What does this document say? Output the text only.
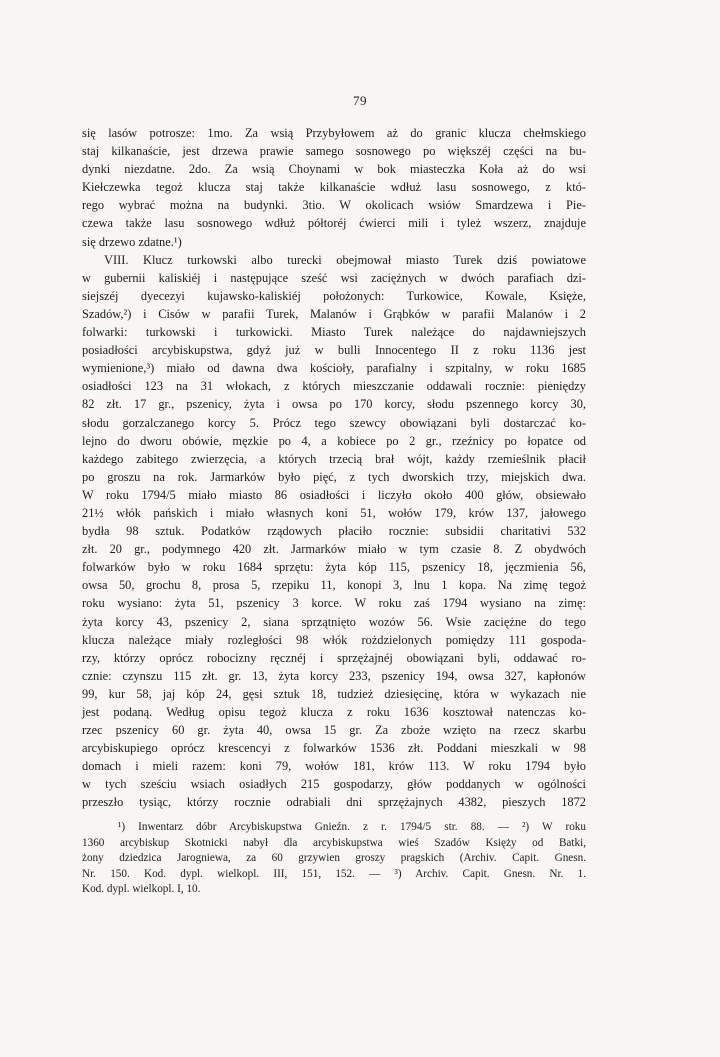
79
się lasów potrosze: 1mo. Za wsią Przybyłowem aż do granic klucza chełmskiego
staj kilkanaście, jest drzewa prawie samego sosnowego po większéj części na bu-
dynki niezdatne. 2do. Za wsią Choynami w bok miasteczka Koła aż do wsi
Kiełczewka tegoż klucza staj także kilkanaście wdłuż lasu sosnowego, z któ-
rego wybrać można na budynki. 3tio. W okolicach wsiów Smardzewa i Pie-
czewa także lasu sosnowego wdłuż półtoréj ćwierci mili i tyleż wszerz, znajduje
się drzewo zdatne.¹)
VIII. Klucz turkowski albo turecki obejmował miasto Turek dziś powiatowe
w gubernii kaliskiéj i następujące sześć wsi zaciężnych w dwóch parafiach dzi-
siejszéj dyecezyi kujawsko-kaliskiéj położonych: Turkowice, Kowale, Księże,
Szadów,²) i Cisów w parafii Turek, Malanów i Grąbków w parafii Malanów i 2
folwarki: turkowski i turkowicki. Miasto Turek należące do najdawniejszych
posiadłości arcybiskupstwa, gdyż już w bulli Innocentego II z roku 1136 jest
wymienione,³) miało od dawna dwa kościoły, parafialny i szpitalny, w roku 1685
osiadłości 123 na 31 włokach, z których mieszczanie oddawali rocznie: pieniędzy
82 złt. 17 gr., pszenicy, żyta i owsa po 170 korcy, słodu pszennego korcy 30,
słodu gorzalczanego korcy 5. Prócz tego szewcy obowiązani byli dostarczać ko-
lejno do dworu obówie, męzkie po 4, a kobiece po 2 gr., rzeźnicy po łopatce od
każdego zabitego zwierzęcia, a których trzecią brał wójt, każdy rzemieślnik płacił
po groszu na rok. Jarmarków było pięć, z tych dworskich trzy, miejskich dwa.
W roku 1794/5 miało miasto 86 osiadłości i liczyło około 400 głów, obsiewało
21½ włók pańskich i miało własnych koni 51, wołów 179, krów 137, jałowego
bydła 98 sztuk. Podatków rządowych płaciło rocznie: subsidii charitativi 532
złt. 20 gr., podymnego 420 złt. Jarmarków miało w tym czasie 8. Z obydwóch
folwarków było w roku 1684 sprzętu: żyta kóp 115, pszenicy 18, jęczmienia 56,
owsa 50, grochu 8, prosa 5, rzepiku 11, konopi 3, lnu 1 kopa. Na zimę tegoż
roku wysiano: żyta 51, pszenicy 3 korce. W roku zaś 1794 wysiano na zimę:
żyta korcy 43, pszenicy 2, siana sprzątnięto wozów 56. Wsie zaciężne do tego
klucza należące miały rozległości 98 włók rożdzielonych pomiędzy 111 gospoda-
rzy, którzy oprócz robocizny ręcznéj i sprzężajnéj obowiązani byli, oddawać ro-
cznie: czynszu 115 złt. gr. 13, żyta korcy 233, pszenicy 194, owsa 327, kapłonów
99, kur 58, jaj kóp 24, gęsi sztuk 18, tudzież dziesięcinę, która w wykazach nie
jest podaną. Według opisu tegoż klucza z roku 1636 kosztował natenczas ko-
rzec pszenicy 60 gr. żyta 40, owsa 15 gr. Za zboże wzięto na rzecz skarbu
arcybiskupiego oprócz krescencyi z folwarków 1536 złt. Poddani mieszkali w 98
domach i mieli razem: koni 79, wołów 181, krów 113. W roku 1794 było
w tych sześciu wsiach osiadłych 215 gospodarzy, głów poddanych w ogólności
przeszło tysiąc, którzy rocznie odrabiali dni sprzężajnych 4382, pieszych 1872
¹) Inwentarz dóbr Arcybiskupstwa Gnieźn. z r. 1794/5 str. 88. — ²) W roku
1360 arcybiskup Skotnicki nabył dla arcybiskupstwa wieś Szadów Księży od Batki,
żony dziedzica Jarogniewa, za 60 grzywien groszy pragskich (Archiv. Capit. Gnesn.
Nr. 150. Kod. dypl. wielkopl. III, 151, 152. — ³) Archiv. Capit. Gnesn. Nr. 1.
Kod. dypl. wielkopl. I, 10.
